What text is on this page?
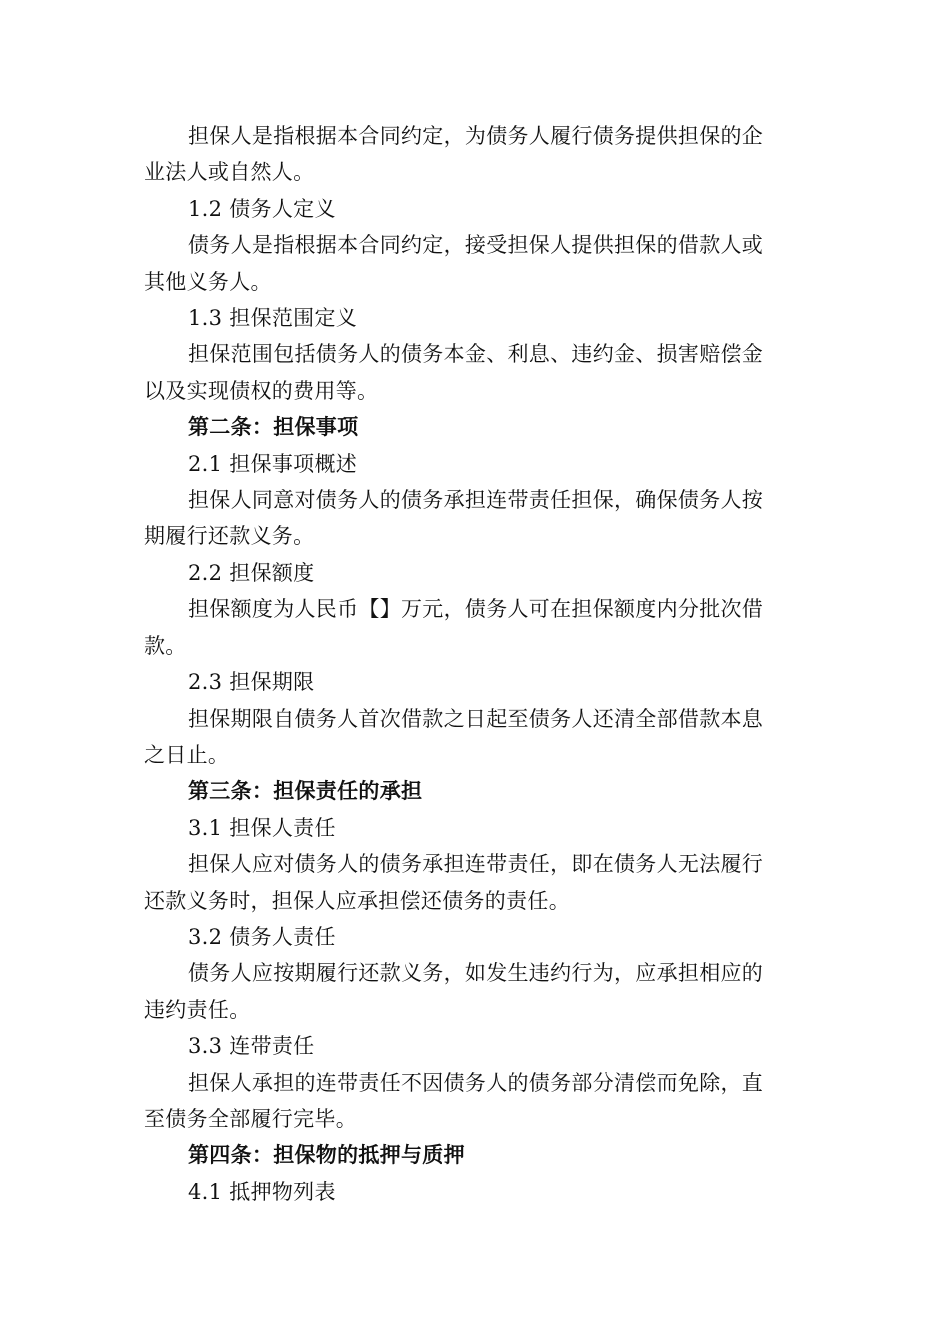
担保人是指根据本合同约定，为债务人履行债务提供担保的企
业法人或自然人。
1.2 债务人定义
债务人是指根据本合同约定，接受担保人提供担保的借款人或
其他义务人。
1.3 担保范围定义
担保范围包括债务人的债务本金、利息、违约金、损害赔偿金
以及实现债权的费用等。
第二条：担保事项
2.1 担保事项概述
担保人同意对债务人的债务承担连带责任担保，确保债务人按
期履行还款义务。
2.2 担保额度
担保额度为人民币【】万元，债务人可在担保额度内分批次借
款。
2.3 担保期限
担保期限自债务人首次借款之日起至债务人还清全部借款本息
之日止。
第三条：担保责任的承担
3.1 担保人责任
担保人应对债务人的债务承担连带责任，即在债务人无法履行
还款义务时，担保人应承担偿还债务的责任。
3.2 债务人责任
债务人应按期履行还款义务，如发生违约行为，应承担相应的
违约责任。
3.3 连带责任
担保人承担的连带责任不因债务人的债务部分清偿而免除，直
至债务全部履行完毕。
第四条：担保物的抵押与质押
4.1 抵押物列表
